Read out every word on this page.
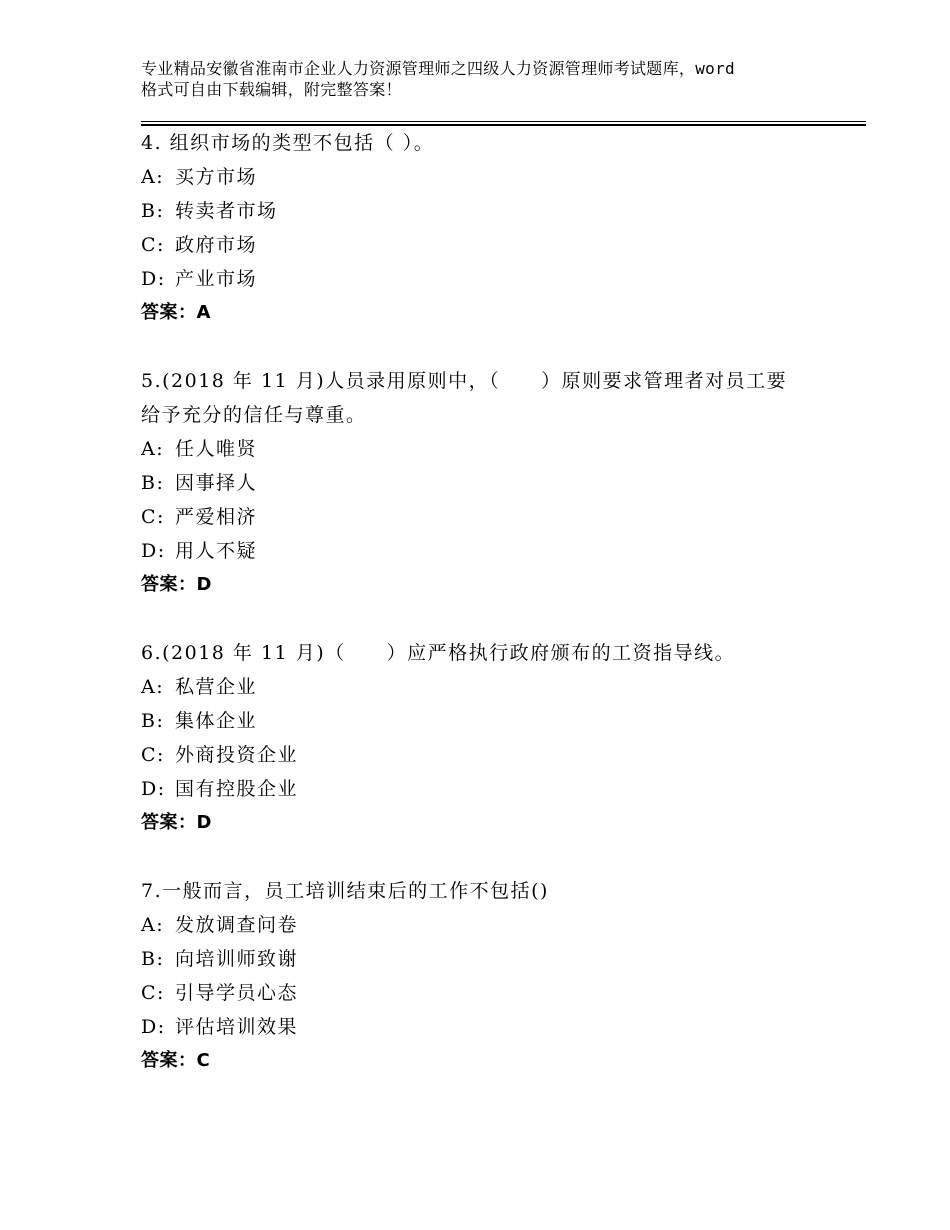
专业精品安徽省淮南市企业人力资源管理师之四级人力资源管理师考试题库，word
格式可自由下载编辑，附完整答案！
4. 组织市场的类型不包括（ ）。
A: 买方市场
B: 转卖者市场
C: 政府市场
D: 产业市场
答案：A
5.(2018 年 11 月)人员录用原则中，（　　）原则要求管理者对员工要
给予充分的信任与尊重。
A: 任人唯贤
B: 因事择人
C: 严爱相济
D: 用人不疑
答案：D
6.(2018 年 11 月)（　　）应严格执行政府颁布的工资指导线。
A: 私营企业
B: 集体企业
C: 外商投资企业
D: 国有控股企业
答案：D
7.一般而言，员工培训结束后的工作不包括()
A: 发放调查问卷
B: 向培训师致谢
C: 引导学员心态
D: 评估培训效果
答案：C
